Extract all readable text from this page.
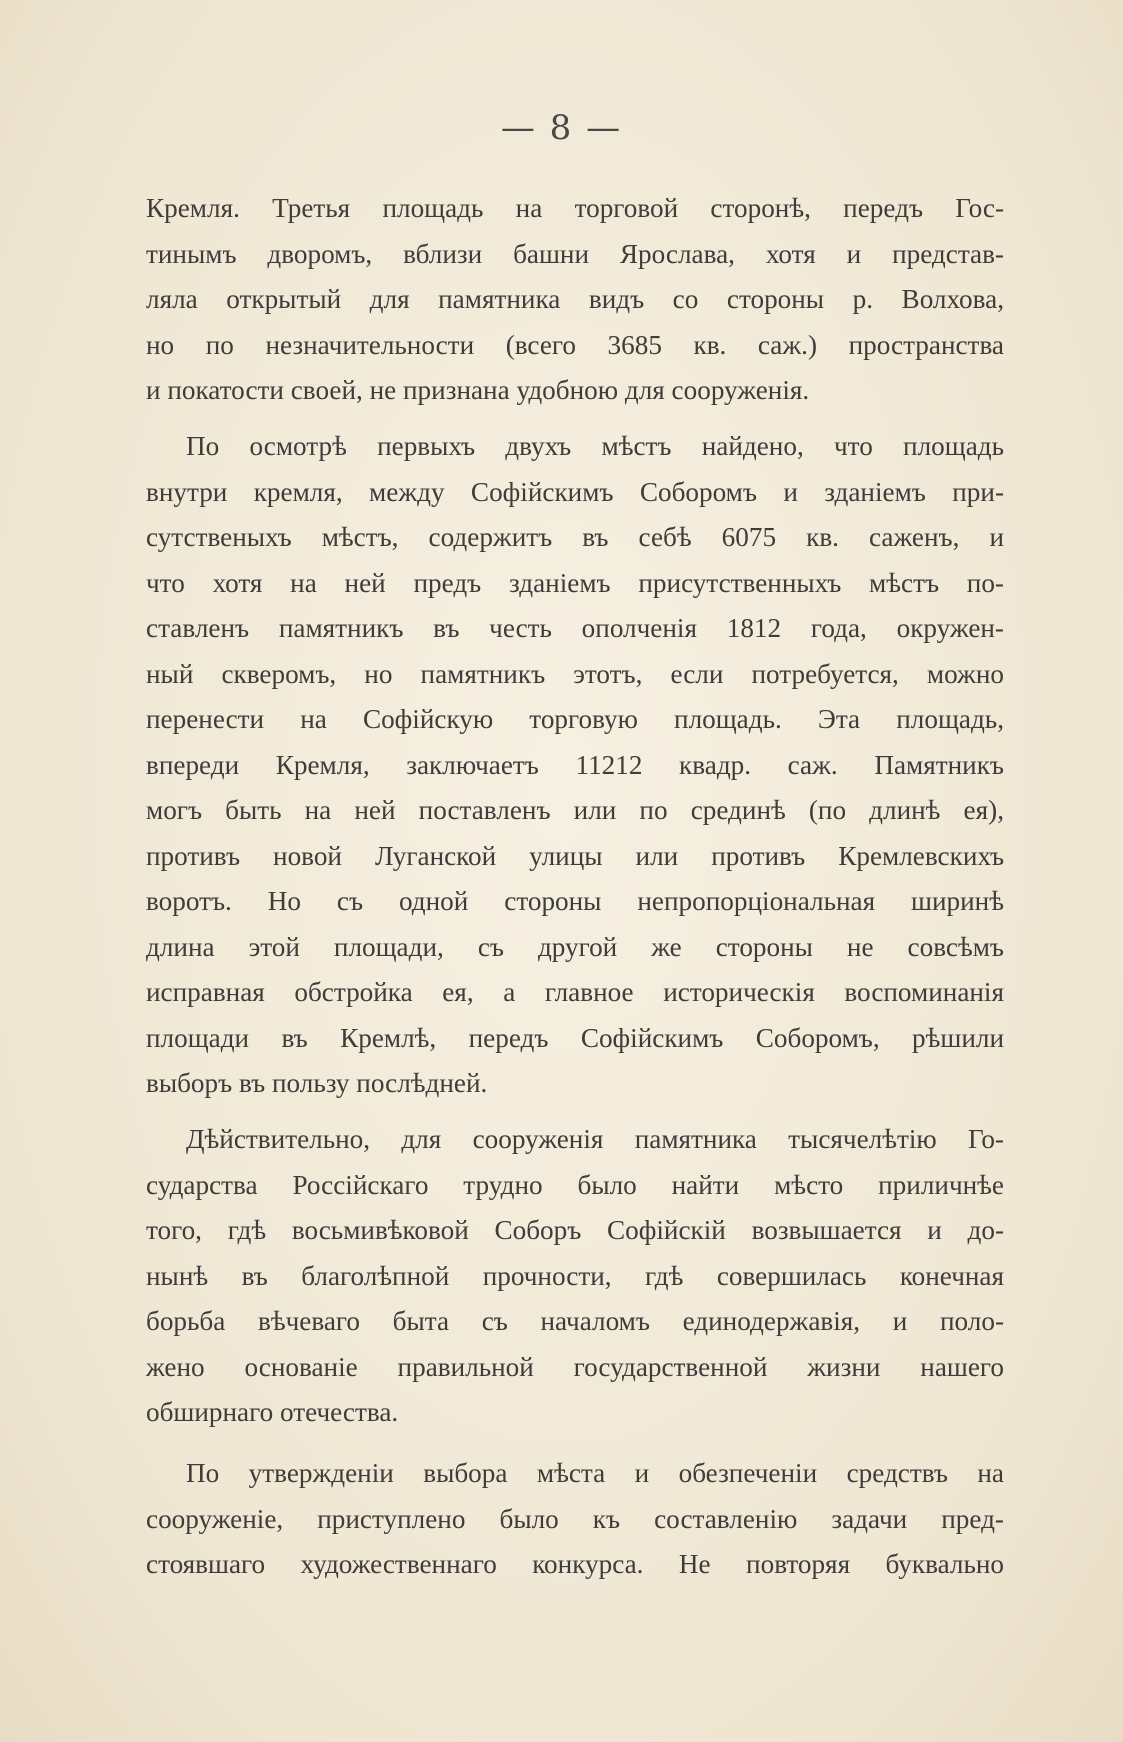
— 8 —
Кремля. Третья площадь на торговой сторонѣ, передъ Гос-
тинымъ дворомъ, вблизи башни Ярослава, хотя и представ-
ляла открытый для памятника видъ со стороны р. Волхова,
но по незначительности (всего 3685 кв. саж.) пространства
и покатости своей, не признана удобною для сооруженія.
По осмотрѣ первыхъ двухъ мѣстъ найдено, что площадь
внутри кремля, между Софійскимъ Соборомъ и зданіемъ при-
сутственыхъ мѣстъ, содержитъ въ себѣ 6075 кв. саженъ, и
что хотя на ней предъ зданіемъ присутственныхъ мѣстъ по-
ставленъ памятникъ въ честь ополченія 1812 года, окружен-
ный скверомъ, но памятникъ этотъ, если потребуется, можно
перенести на Софійскую торговую площадь. Эта площадь,
впереди Кремля, заключаетъ 11212 квадр. саж. Памятникъ
могъ быть на ней поставленъ или по срединѣ (по длинѣ ея),
противъ новой Луганской улицы или противъ Кремлевскихъ
воротъ. Но съ одной стороны непропорціональная ширинѣ
длина этой площади, съ другой же стороны не совсѣмъ
исправная обстройка ея, а главное историческія воспоминанія
площади въ Кремлѣ, передъ Софійскимъ Соборомъ, рѣшили
выборъ въ пользу послѣдней.
Дѣйствительно, для сооруженія памятника тысячелѣтію Го-
сударства Россійскаго трудно было найти мѣсто приличнѣе
того, гдѣ восьмивѣковой Соборъ Софійскій возвышается и до-
нынѣ въ благолѣпной прочности, гдѣ совершилась конечная
борьба вѣчеваго быта съ началомъ единодержавія, и поло-
жено основаніе правильной государственной жизни нашего
обширнаго отечества.
По утвержденіи выбора мѣста и обезпеченіи средствъ на
сооруженіе, приступлено было къ составленію задачи пред-
стоявшаго художественнаго конкурса. Не повторяя буквально
